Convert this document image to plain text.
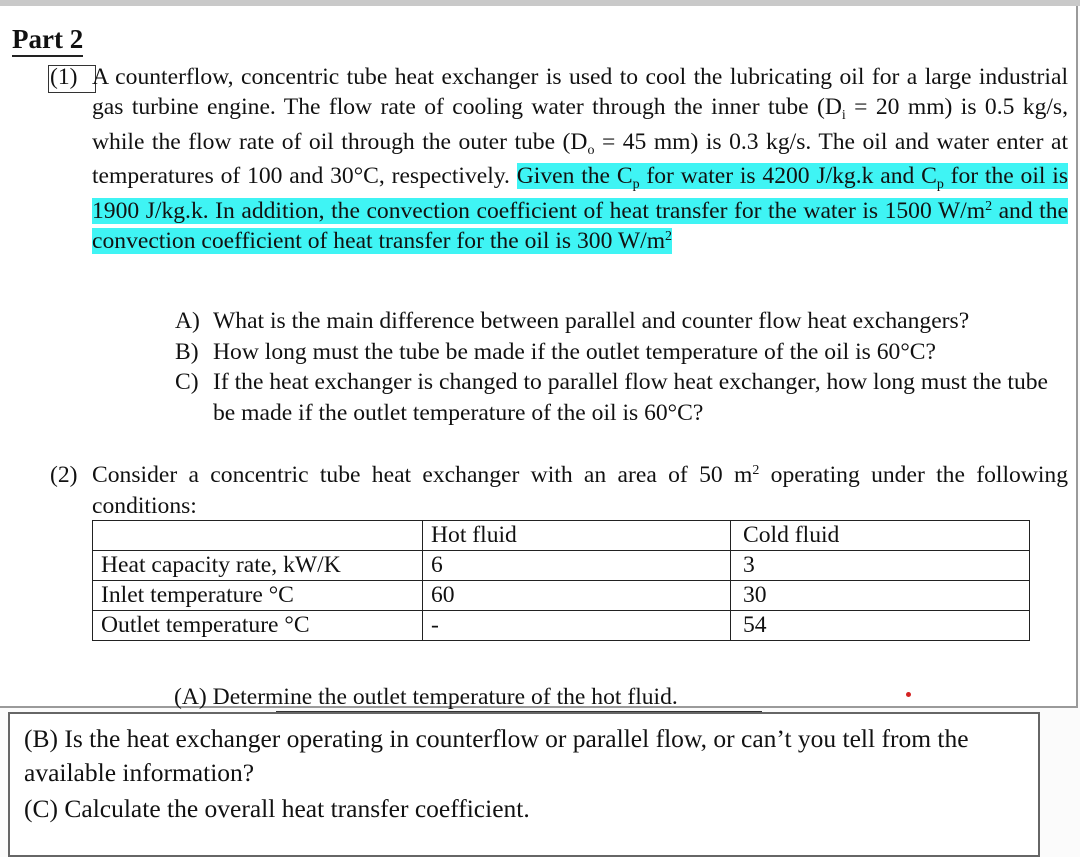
Part 2
(1) A counterflow, concentric tube heat exchanger is used to cool the lubricating oil for a large industrial gas turbine engine. The flow rate of cooling water through the inner tube ($D_i = 20$ mm) is 0.5 kg/s, while the flow rate of oil through the outer tube ($D_o = 45$ mm) is 0.3 kg/s. The oil and water enter at temperatures of 100 and 30°C, respectively. Given the $C_p$ for water is 4200 J/kg.k and $C_p$ for the oil is 1900 J/kg.k. In addition, the convection coefficient of heat transfer for the water is 1500 $W/m^2$ and the convection coefficient of heat transfer for the oil is 300 $W/m^2$
A) What is the main difference between parallel and counter flow heat exchangers?
B) How long must the tube be made if the outlet temperature of the oil is 60°C?
C) If the heat exchanger is changed to parallel flow heat exchanger, how long must the tube be made if the outlet temperature of the oil is 60°C?
(2) Consider a concentric tube heat exchanger with an area of 50 $m^2$ operating under the following conditions:
	Hot fluid	Cold fluid
Heat capacity rate, kW/K	6	3
Inlet temperature °C	60	30
Outlet temperature °C	-	54
(A) Determine the outlet temperature of the hot fluid.
(B) Is the heat exchanger operating in counterflow or parallel flow, or can’t you tell from the available information?
(C) Calculate the overall heat transfer coefficient.
